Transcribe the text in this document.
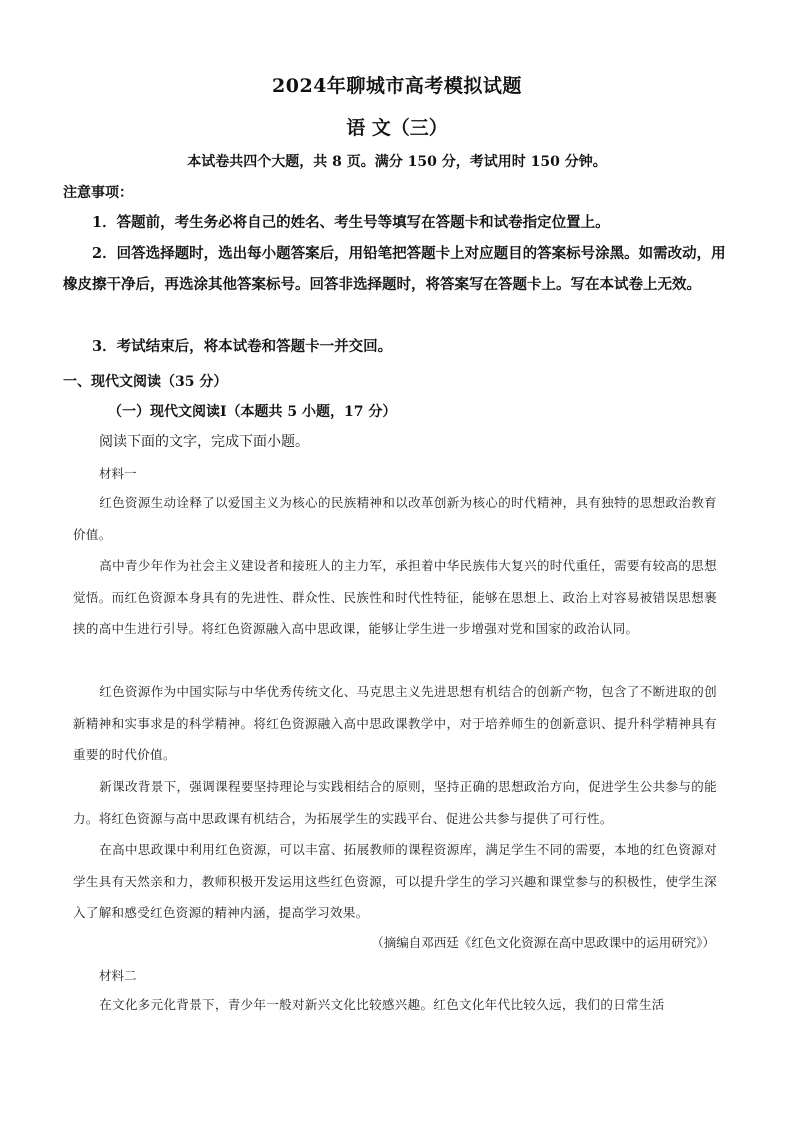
2024年聊城市高考模拟试题
语 文（三）
本试卷共四个大题，共 8 页。满分 150 分，考试用时 150 分钟。
注意事项：

1．答题前，考生务必将自己的姓名、考生号等填写在答题卡和试卷指定位置上。

2．回答选择题时，选出每小题答案后，用铅笔把答题卡上对应题目的答案标号涂黑。如需改动，用橡皮擦干净后，再选涂其他答案标号。回答非选择题时，将答案写在答题卡上。写在本试卷上无效。

3．考试结束后，将本试卷和答题卡一并交回。

一、现代文阅读（35 分）
（一）现代文阅读Ⅰ（本题共 5 小题，17 分）
阅读下面的文字，完成下面小题。
材料一

红色资源生动诠释了以爱国主义为核心的民族精神和以改革创新为核心的时代精神，具有独特的思想政治教育价值。

高中青少年作为社会主义建设者和接班人的主力军，承担着中华民族伟大复兴的时代重任，需要有较高的思想觉悟。而红色资源本身具有的先进性、群众性、民族性和时代性特征，能够在思想上、政治上对容易被错误思想裹挟的高中生进行引导。将红色资源融入高中思政课，能够让学生进一步增强对党和国家的政治认同。

红色资源作为中国实际与中华优秀传统文化、马克思主义先进思想有机结合的创新产物，包含了不断进取的创新精神和实事求是的科学精神。将红色资源融入高中思政课教学中，对于培养师生的创新意识、提升科学精神具有重要的时代价值。

新课改背景下，强调课程要坚持理论与实践相结合的原则，坚持正确的思想政治方向，促进学生公共参与的能力。将红色资源与高中思政课有机结合，为拓展学生的实践平台、促进公共参与提供了可行性。

在高中思政课中利用红色资源，可以丰富、拓展教师的课程资源库，满足学生不同的需要，本地的红色资源对学生具有天然亲和力，教师积极开发运用这些红色资源，可以提升学生的学习兴趣和课堂参与的积极性，使学生深入了解和感受红色资源的精神内涵，提高学习效果。

（摘编自邓西廷《红色文化资源在高中思政课中的运用研究》）
材料二

在文化多元化背景下，青少年一般对新兴文化比较感兴趣。红色文化年代比较久远，我们的日常生活
